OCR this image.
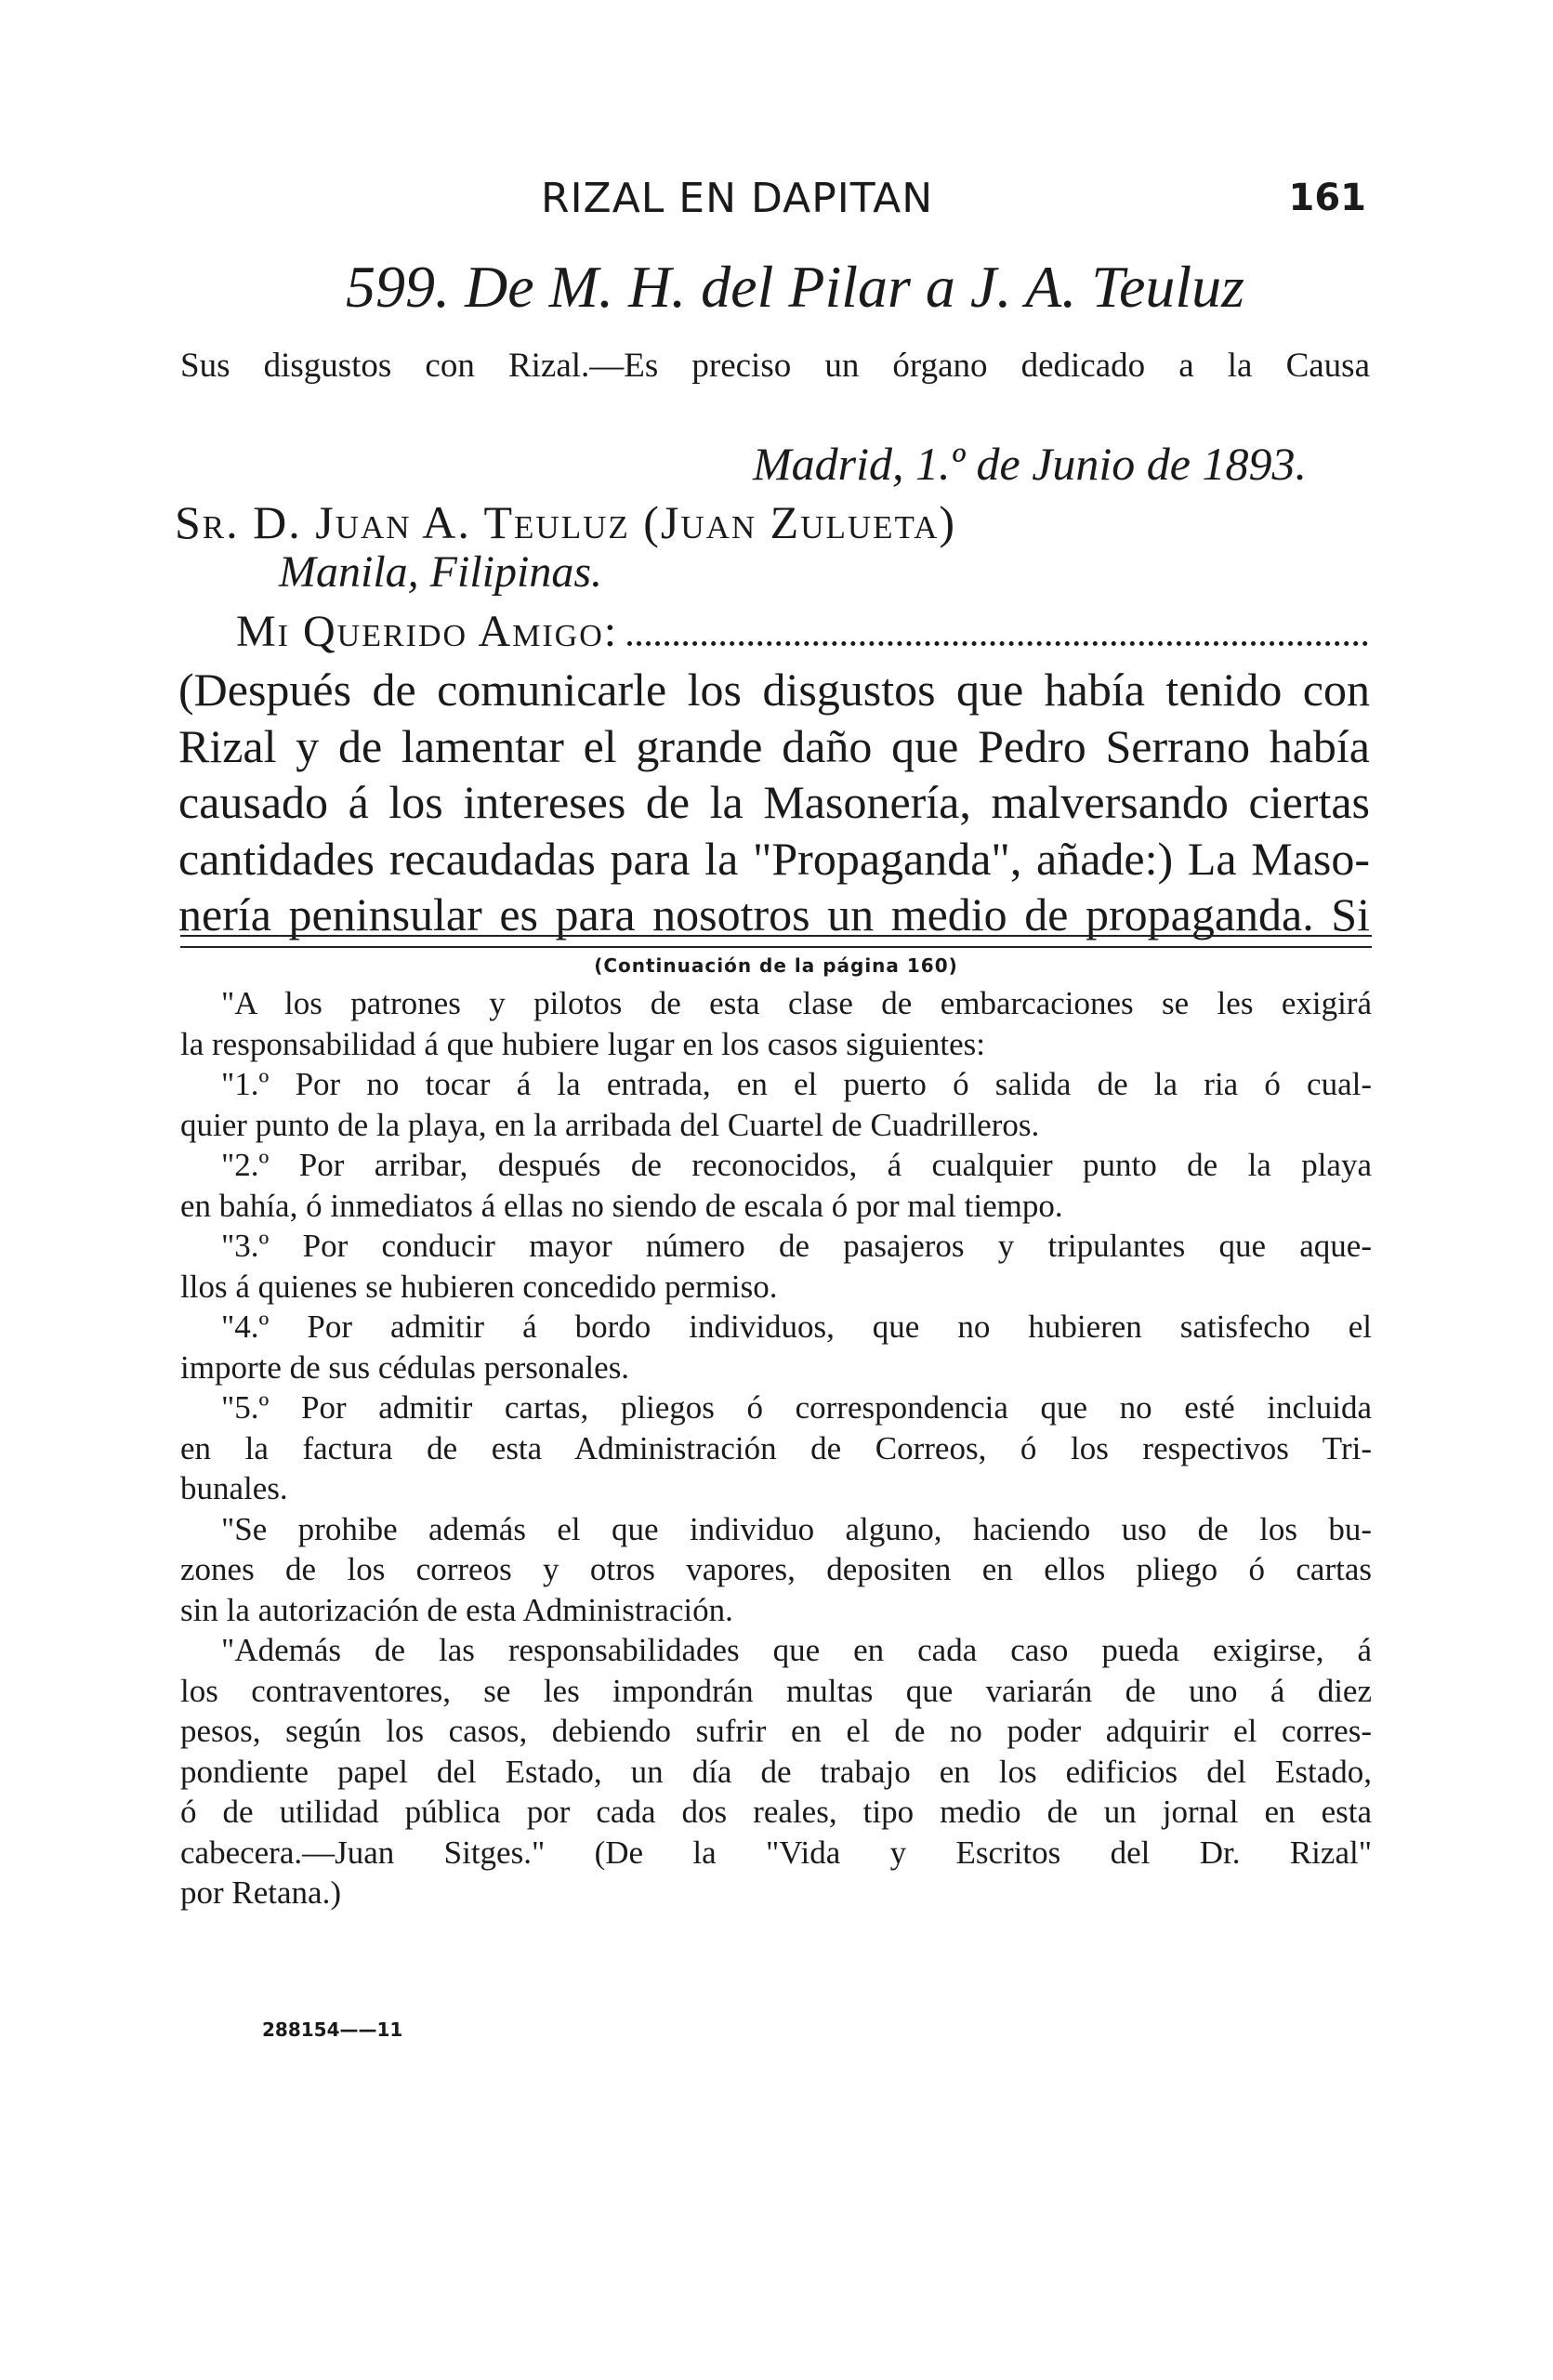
RIZAL EN DAPITAN	161
599. De M. H. del Pilar a J. A. Teuluz
Sus disgustos con Rizal.—Es preciso un órgano dedicado a la Causa
Madrid, 1.º de Junio de 1893.
Sr. D. Juan A. Teuluz (Juan Zulueta)
Manila, Filipinas.
Mi Querido Amigo:
(Después de comunicarle los disgustos que había tenido con
Rizal y de lamentar el grande daño que Pedro Serrano había
causado á los intereses de la Masonería, malversando ciertas
cantidades recaudadas para la "Propaganda", añade:) La Maso-
nería peninsular es para nosotros un medio de propaganda. Si
(Continuación de la página 160)
"A los patrones y pilotos de esta clase de embarcaciones se les exigirá
la responsabilidad á que hubiere lugar en los casos siguientes:
"1.º Por no tocar á la entrada, en el puerto ó salida de la ria ó cual-
quier punto de la playa, en la arribada del Cuartel de Cuadrilleros.
"2.º Por arribar, después de reconocidos, á cualquier punto de la playa
en bahía, ó inmediatos á ellas no siendo de escala ó por mal tiempo.
"3.º Por conducir mayor número de pasajeros y tripulantes que aque-
llos á quienes se hubieren concedido permiso.
"4.º Por admitir á bordo individuos, que no hubieren satisfecho el
importe de sus cédulas personales.
"5.º Por admitir cartas, pliegos ó correspondencia que no esté incluida
en la factura de esta Administración de Correos, ó los respectivos Tri-
bunales.
"Se prohibe además el que individuo alguno, haciendo uso de los bu-
zones de los correos y otros vapores, depositen en ellos pliego ó cartas
sin la autorización de esta Administración.
"Además de las responsabilidades que en cada caso pueda exigirse, á
los contraventores, se les impondrán multas que variarán de uno á diez
pesos, según los casos, debiendo sufrir en el de no poder adquirir el corres-
pondiente papel del Estado, un día de trabajo en los edificios del Estado,
ó de utilidad pública por cada dos reales, tipo medio de un jornal en esta
cabecera.—Juan Sitges." (De la "Vida y Escritos del Dr. Rizal"
por Retana.)
288154——11
